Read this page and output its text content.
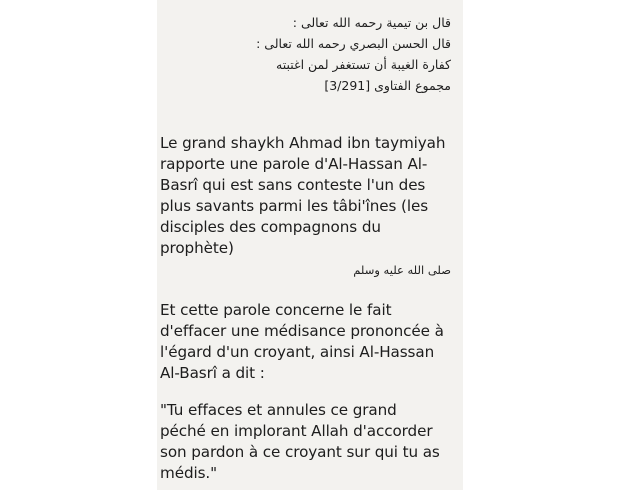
قال بن تيمية رحمه الله تعالى :
قال الحسن البصري رحمه الله تعالى :
كفارة الغيبة أن تستغفر لمن اغتبته
مجموع الفتاوى [3/291]
Le grand shaykh Ahmad ibn taymiyah
rapporte une parole d'Al-Hassan Al-
Basrî qui est sans conteste l'un des
plus savants parmi les tâbi'înes (les
disciples des compagnons du
prophète)
صلى الله عليه وسلم
Et cette parole concerne le fait
d'effacer une médisance prononcée à
l'égard d'un croyant, ainsi Al-Hassan
Al-Basrî a dit :
"Tu effaces et annules ce grand
péché en implorant Allah d'accorder
son pardon à ce croyant sur qui tu as
médis."
